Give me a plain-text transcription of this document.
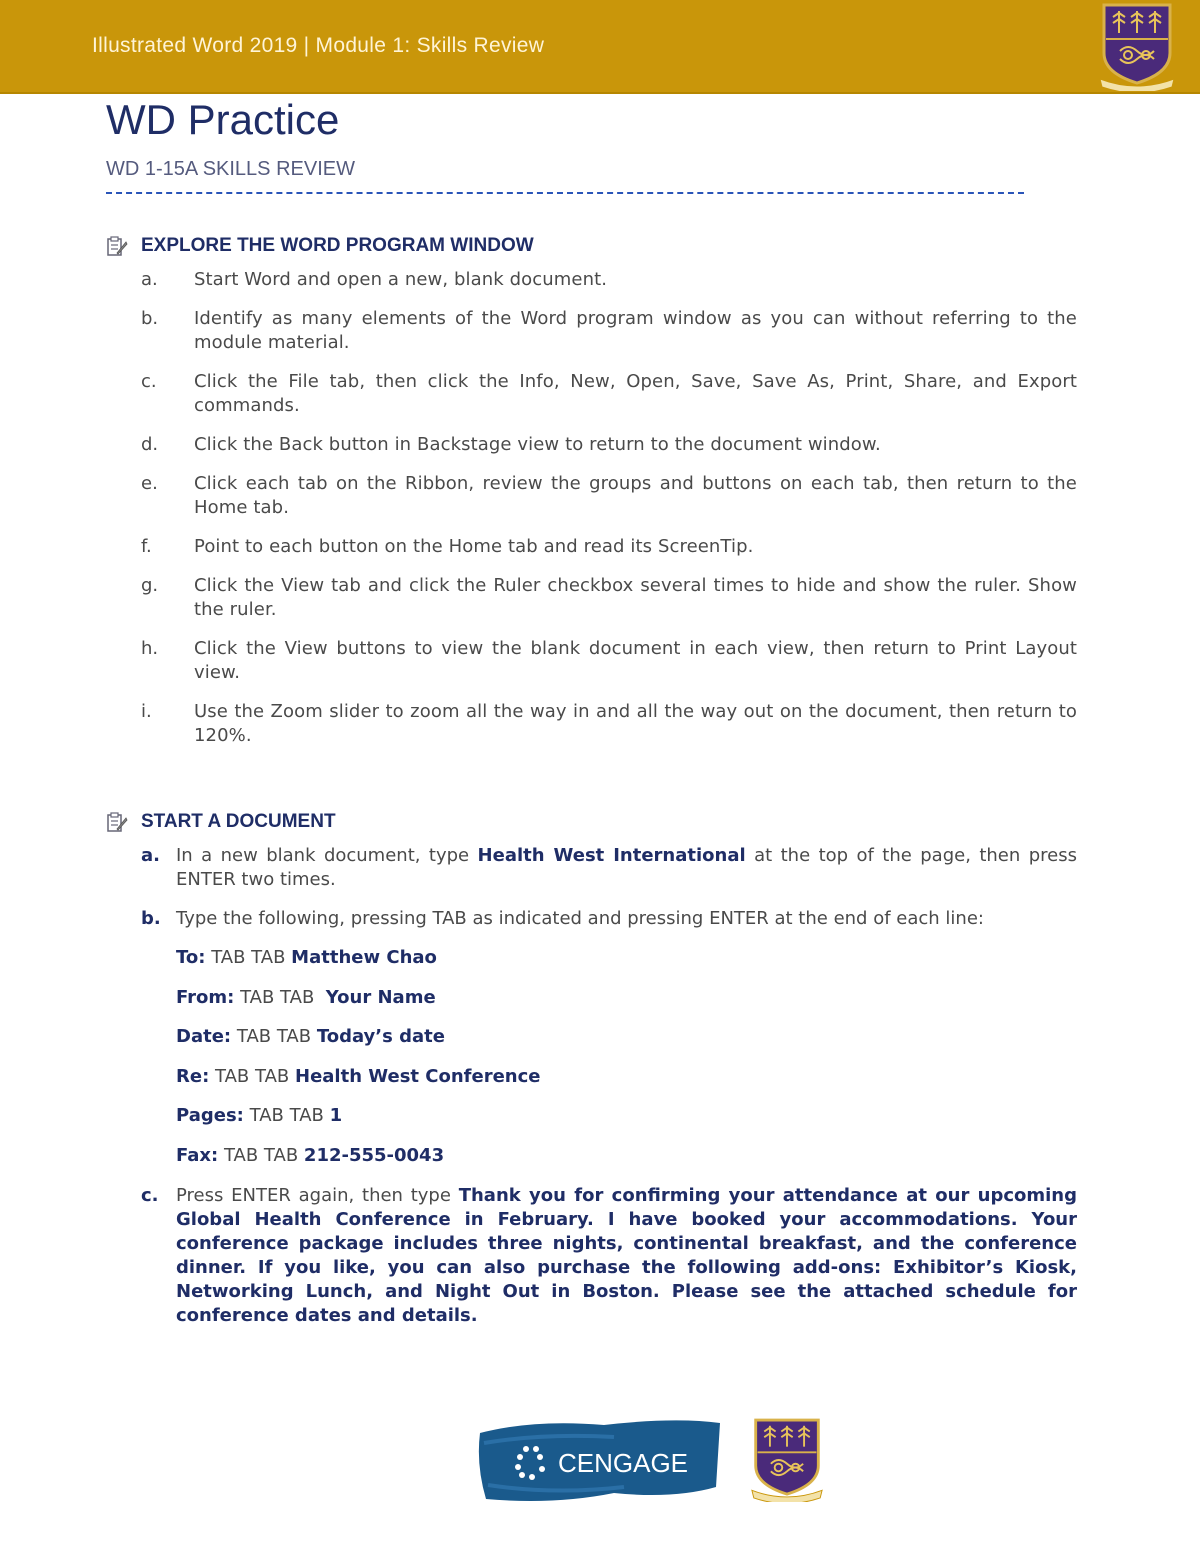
Illustrated Word 2019 | Module 1: Skills Review
WD Practice
WD 1-15A SKILLS REVIEW
EXPLORE THE WORD PROGRAM WINDOW
a.	Start Word and open a new, blank document.
b.	Identify as many elements of the Word program window as you can without referring to the module material.
c.	Click the File tab, then click the Info, New, Open, Save, Save As, Print, Share, and Export commands.
d.	Click the Back button in Backstage view to return to the document window.
e.	Click each tab on the Ribbon, review the groups and buttons on each tab, then return to the Home tab.
f.	Point to each button on the Home tab and read its ScreenTip.
g.	Click the View tab and click the Ruler checkbox several times to hide and show the ruler. Show the ruler.
h.	Click the View buttons to view the blank document in each view, then return to Print Layout view.
i.	Use the Zoom slider to zoom all the way in and all the way out on the document, then return to 120%.
START A DOCUMENT
a. In a new blank document, type Health West International at the top of the page, then press ENTER two times.
b. Type the following, pressing TAB as indicated and pressing ENTER at the end of each line:
To: TAB TAB Matthew Chao
From: TAB TAB Your Name
Date: TAB TAB Today’s date
Re: TAB TAB Health West Conference
Pages: TAB TAB 1
Fax: TAB TAB 212-555-0043
c. Press ENTER again, then type Thank you for confirming your attendance at our upcoming Global Health Conference in February. I have booked your accommodations. Your conference package includes three nights, continental breakfast, and the conference dinner. If you like, you can also purchase the following add-ons: Exhibitor’s Kiosk, Networking Lunch, and Night Out in Boston. Please see the attached schedule for conference dates and details.
CENGAGE
